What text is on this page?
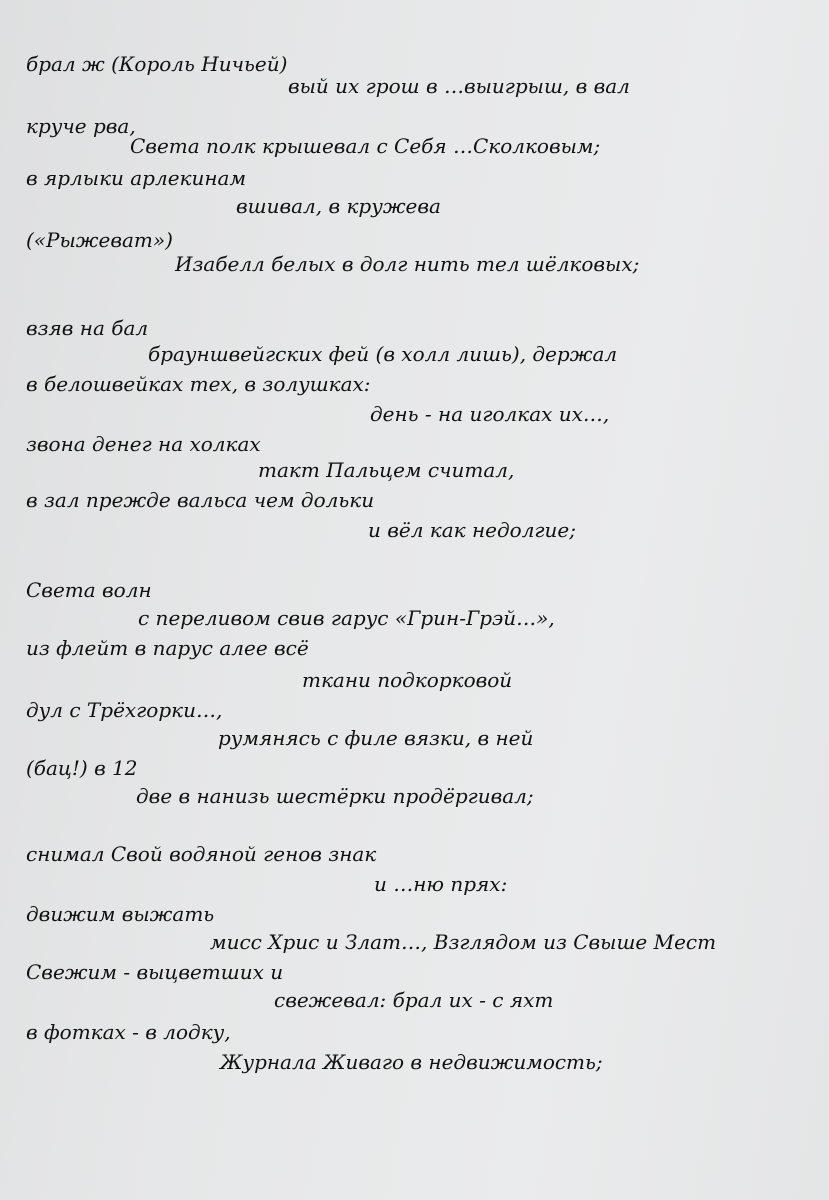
брал ж (Король Ничьей)

вый их грош в …выигрыш, в вал

круче рва,

Света полк крышевал с Себя …Сколковым;

в ярлыки арлекинам

вшивал, в кружева

(«Рыжеват»)

Изабелл белых в долг нить тел шёлковых;

взяв на бал

брауншвейгских фей (в холл лишь), держал

в белошвейках тех, в золушках:

день - на иголках их…,

звона денег на холках

такт Пальцем считал,

в зал прежде вальса чем дольки

и вёл как недолгие;

Света волн

с переливом свив гарус «Грин-Грэй…»,

из флейт в парус алее всё

ткани подкорковой

дул с Трёхгорки…,

румянясь с филе вязки, в ней

(бац!) в 12

две в нанизь шестёрки продёргивал;

снимал Свой водяной генов знак

и …ню прях:

движим выжать

мисс Хрис и Злат…, Взглядом из Свыше Мест

Свежим - выцветших и

свежевал: брал их - с яхт

в фотках - в лодку,

Журнала Живаго в недвижимость;
